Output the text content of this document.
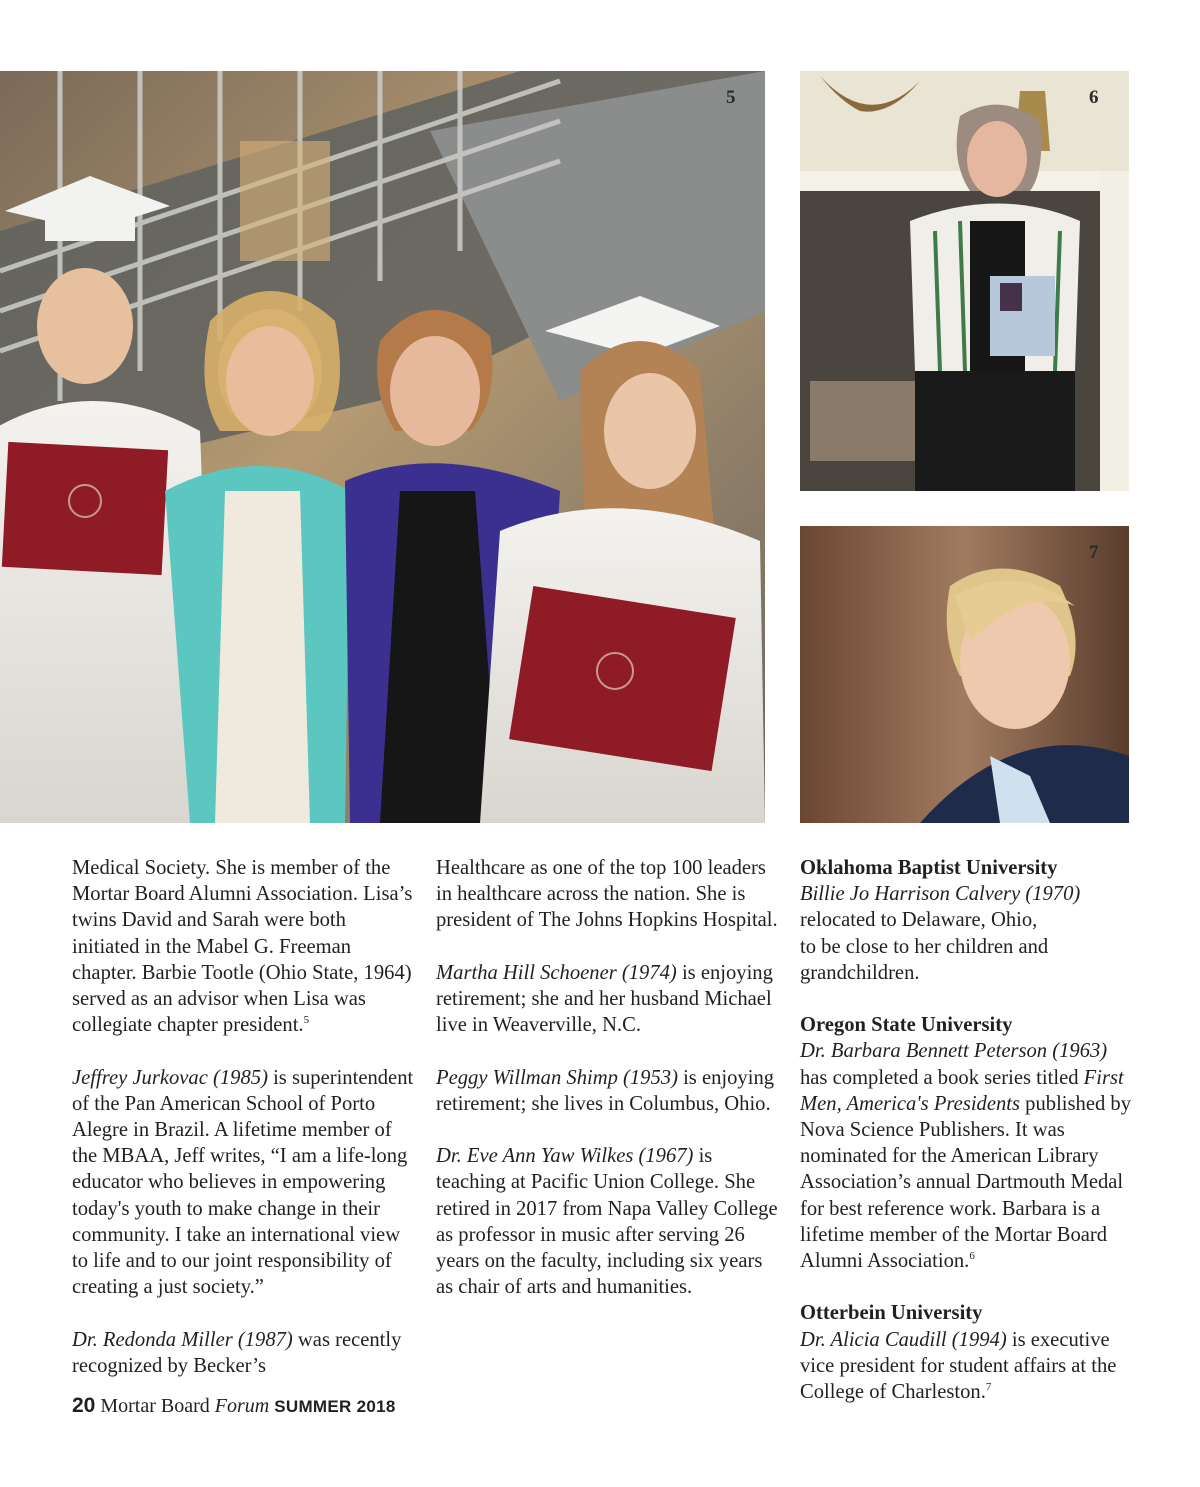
5	6
7

Medical Society. She is member of the Mortar Board Alumni Association. Lisa’s twins David and Sarah were both initiated in the Mabel G. Freeman chapter. Barbie Tootle (Ohio State, 1964) served as an advisor when Lisa was collegiate chapter president.$^5$

Jeffrey Jurkovac (1985) is superintendent of the Pan American School of Porto Alegre in Brazil. A lifetime member of the MBAA, Jeff writes, “I am a life-long educator who believes in empowering today's youth to make change in their community. I take an international view to life and to our joint responsibility of creating a just society.”

Dr. Redonda Miller (1987) was recently recognized by Becker’s

Healthcare as one of the top 100 leaders in healthcare across the nation. She is president of The Johns Hopkins Hospital.

Martha Hill Schoener (1974) is enjoying retirement; she and her husband Michael live in Weaverville, N.C.

Peggy Willman Shimp (1953) is enjoying retirement; she lives in Columbus, Ohio.

Dr. Eve Ann Yaw Wilkes (1967) is teaching at Pacific Union College. She retired in 2017 from Napa Valley College as professor in music after serving 26 years on the faculty, including six years as chair of arts and humanities.

Oklahoma Baptist University
Billie Jo Harrison Calvery (1970)
relocated to Delaware, Ohio,
to be close to her children and grandchildren.

Oregon State University
Dr. Barbara Bennett Peterson (1963)
has completed a book series titled First Men, America's Presidents published by Nova Science Publishers. It was nominated for the American Library Association’s annual Dartmouth Medal for best reference work. Barbara is a lifetime member of the Mortar Board Alumni Association.$^6$

Otterbein University
Dr. Alicia Caudill (1994) is executive vice president for student affairs at the College of Charleston.$^7$

20 Mortar Board Forum SUMMER 2018
